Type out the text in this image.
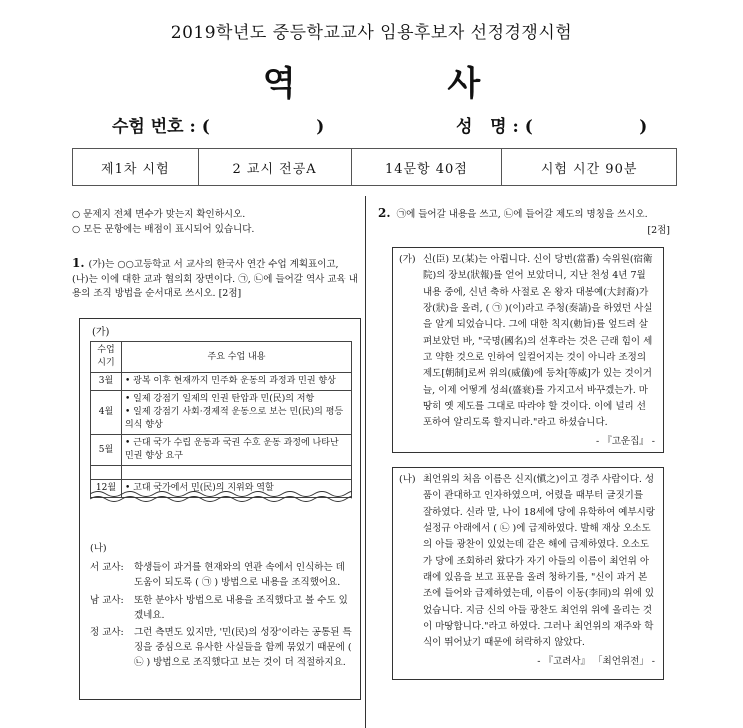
2019학년도 중등학교교사 임용후보자 선정경쟁시험
역 사
수험 번호 : (                  )	성   명 : (                  )
제1차 시험	2 교시 전공A	14문항 40점	시험 시간 90분
○ 문제지 전체 면수가 맞는지 확인하시오.
○ 모든 문항에는 배점이 표시되어 있습니다.
1. (가)는 ○○고등학교 서 교사의 한국사 연간 수업 계획표이고, (나)는 이에 대한 교과 협의회 장면이다. ㉠, ㉡에 들어갈 역사 교육 내용의 조직 방법을 순서대로 쓰시오. [2점]
(가)
수업 시기	주요 수업 내용
3월	• 광복 이후 현재까지 민주화 운동의 과정과 민권 향상
4월	• 일제 강점기 일제의 인권 탄압과 민(民)의 저항
• 일제 강점기 사회·경제적 운동으로 보는 민(民)의 평등 의식 향상
5월	• 근대 국가 수립 운동과 국권 수호 운동 과정에 나타난 민권 향상 요구

12월	• 고대 국가에서 민(民)의 지위와 역할
(나)
서 교사:	학생들이 과거를 현재와의 연관 속에서 인식하는 데 도움이 되도록 ( ㉠ ) 방법으로 내용을 조직했어요.
남 교사:	또한 분야사 방법으로 내용을 조직했다고 볼 수도 있겠네요.
정 교사:	그런 측면도 있지만, '민(民)의 성장'이라는 공통된 특징을 중심으로 유사한 사실들을 함께 묶었기 때문에 ( ㉡ ) 방법으로 조직했다고 보는 것이 더 적절하지요.
2. ㉠에 들어갈 내용을 쓰고, ㉡에 들어갈 제도의 명칭을 쓰시오.
[2점]
(가) 신(臣) 모(某)는 아룁니다. 신이 당번(當番) 숙위원(宿衛院)의 장보(狀報)를 얻어 보았더니, 지난 천성 4년 7월 내용 중에, 신년 축하 사절로 온 왕자 대봉예(大封裔)가 장(狀)을 올려, ( ㉠ )(이)라고 주청(奏請)을 하였던 사실을 알게 되었습니다. 그에 대한 칙지(勅旨)를 엎드려 살펴보았던 바, "국명(國名)의 선후라는 것은 근래 힘이 세고 약한 것으로 인하여 일컬어지는 것이 아니라 조정의 제도[朝制]로써 위의(威儀)에 등차[等威]가 있는 것이거늘, 이제 어떻게 성쇠(盛衰)를 가지고서 바꾸겠는가. 마땅히 옛 제도를 그대로 따라야 할 것이다. 이에 널리 선포하여 알리도록 할지니라."라고 하셨습니다.
- 『고운집』 -
(나) 최언위의 처음 이름은 신지(愼之)이고 경주 사람이다. 성품이 관대하고 인자하였으며, 어렸을 때부터 글짓기를 잘하였다. 신라 말, 나이 18세에 당에 유학하여 예부시랑 설정규 아래에서 ( ㉡ )에 급제하였다. 발해 재상 오소도의 아들 광찬이 있었는데 같은 해에 급제하였다. 오소도가 당에 조회하러 왔다가 자기 아들의 이름이 최언위 아래에 있음을 보고 표문을 올려 청하기를, "신이 과거 본조에 들어와 급제하였는데, 이름이 이동(李同)의 위에 있었습니다. 지금 신의 아들 광찬도 최언위 위에 올리는 것이 마땅합니다."라고 하였다. 그러나 최언위의 재주와 학식이 뛰어났기 때문에 허락하지 않았다.
- 『고려사』 「최언위전」 -
